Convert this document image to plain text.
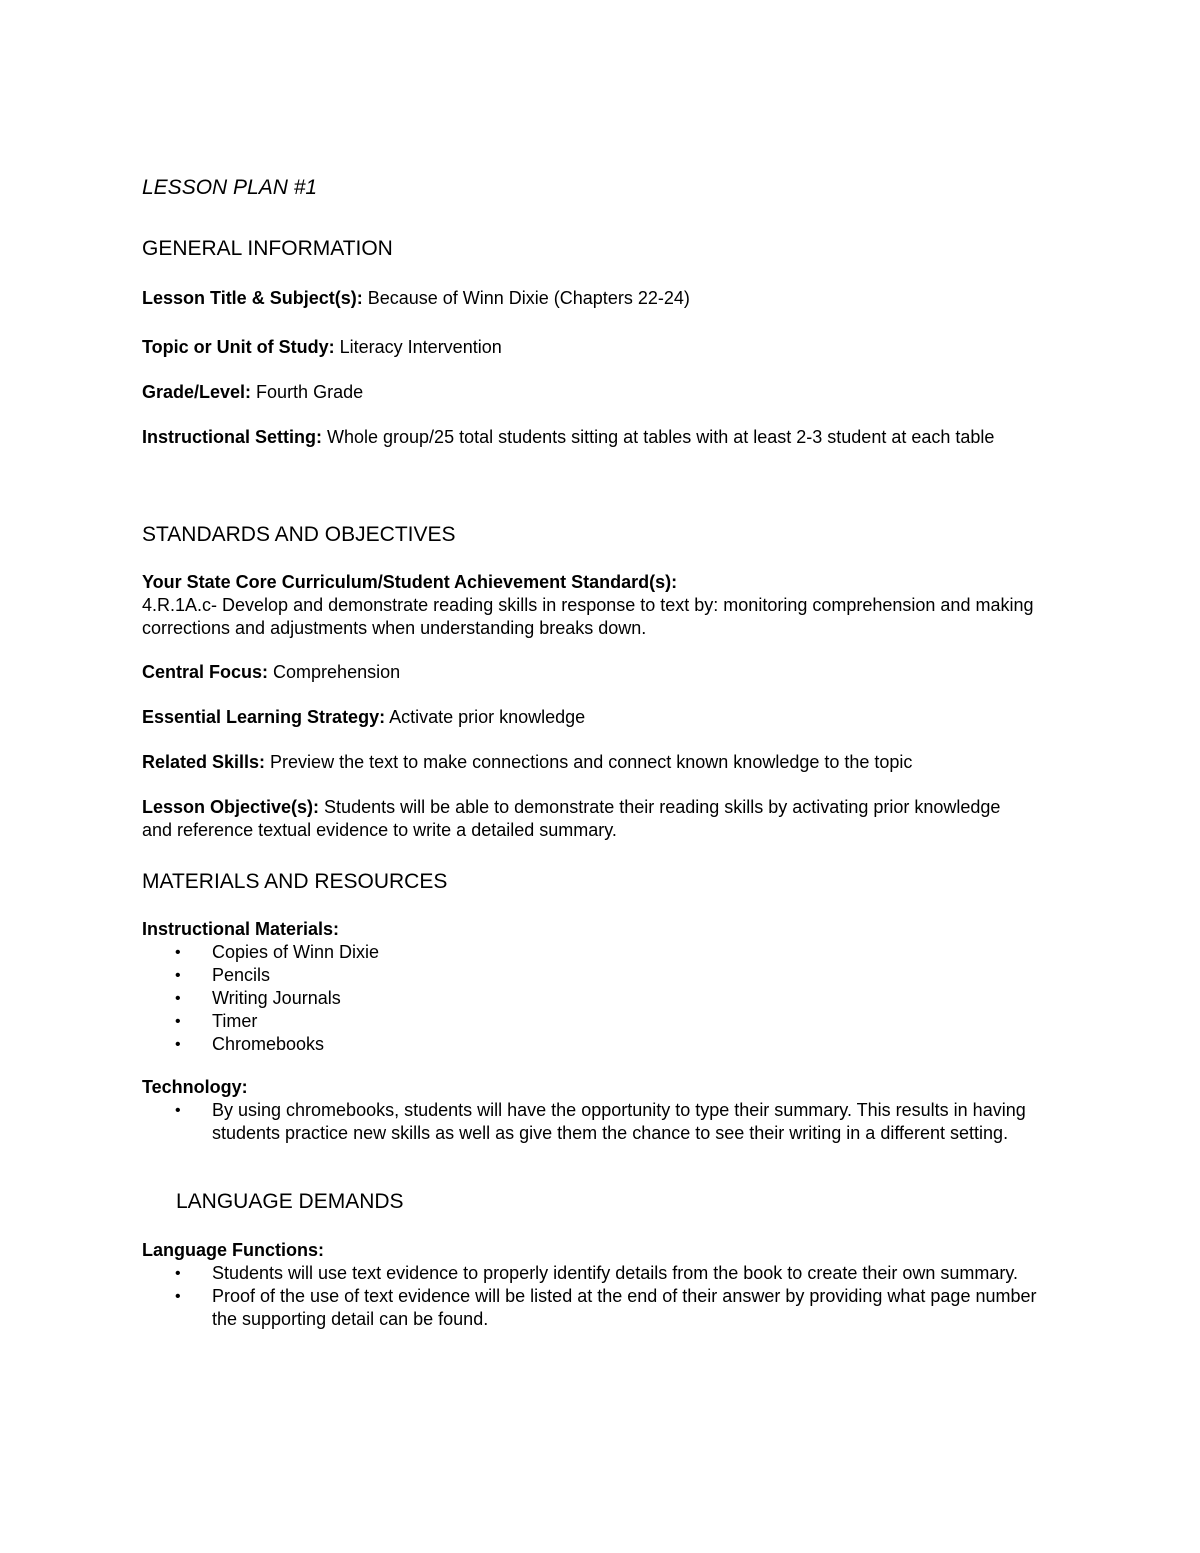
LESSON PLAN #1
GENERAL INFORMATION

Lesson Title & Subject(s): Because of Winn Dixie (Chapters 22-24)

Topic or Unit of Study: Literacy Intervention

Grade/Level: Fourth Grade

Instructional Setting: Whole group/25 total students sitting at tables with at least 2-3 student at each table

STANDARDS AND OBJECTIVES

Your State Core Curriculum/Student Achievement Standard(s):

4.R.1A.c- Develop and demonstrate reading skills in response to text by: monitoring comprehension and making corrections and adjustments when understanding breaks down.

Central Focus: Comprehension

Essential Learning Strategy: Activate prior knowledge

Related Skills: Preview the text to make connections and connect known knowledge to the topic

Lesson Objective(s): Students will be able to demonstrate their reading skills by activating prior knowledge and reference textual evidence to write a detailed summary.

MATERIALS AND RESOURCES

Instructional Materials:

• Copies of Winn Dixie
• Pencils
• Writing Journals
• Timer
• Chromebooks

Technology:

• By using chromebooks, students will have the opportunity to type their summary. This results in having students practice new skills as well as give them the chance to see their writing in a different setting.
LANGUAGE DEMANDS

Language Functions:

• Students will use text evidence to properly identify details from the book to create their own summary.
• Proof of the use of text evidence will be listed at the end of their answer by providing what page number the supporting detail can be found.
